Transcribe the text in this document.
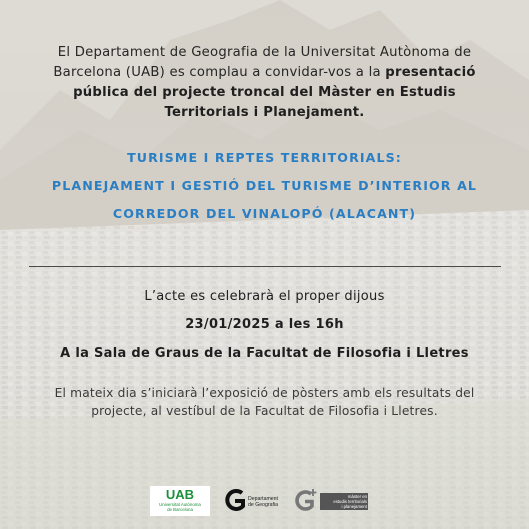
El Departament de Geografia de la Universitat Autònoma de Barcelona (UAB) es complau a convidar-vos a la presentació pública del projecte troncal del Màster en Estudis Territorials i Planejament.

TURISME I REPTES TERRITORIALS:
PLANEJAMENT I GESTIÓ DEL TURISME D’INTERIOR AL
CORREDOR DEL VINALOPÓ (ALACANT)
L’acte es celebrarà el proper dijous
23/01/2025 a les 16h
A la Sala de Graus de la Facultat de Filosofia i Lletres
El mateix dia s’iniciarà l’exposició de pòsters amb els resultats del projecte, al vestíbul de la Facultat de Filosofia i Lletres.
UAB
Universitat Autònoma
de Barcelona
Departament
de Geografia
màster en
estudis territorials
i planejament
